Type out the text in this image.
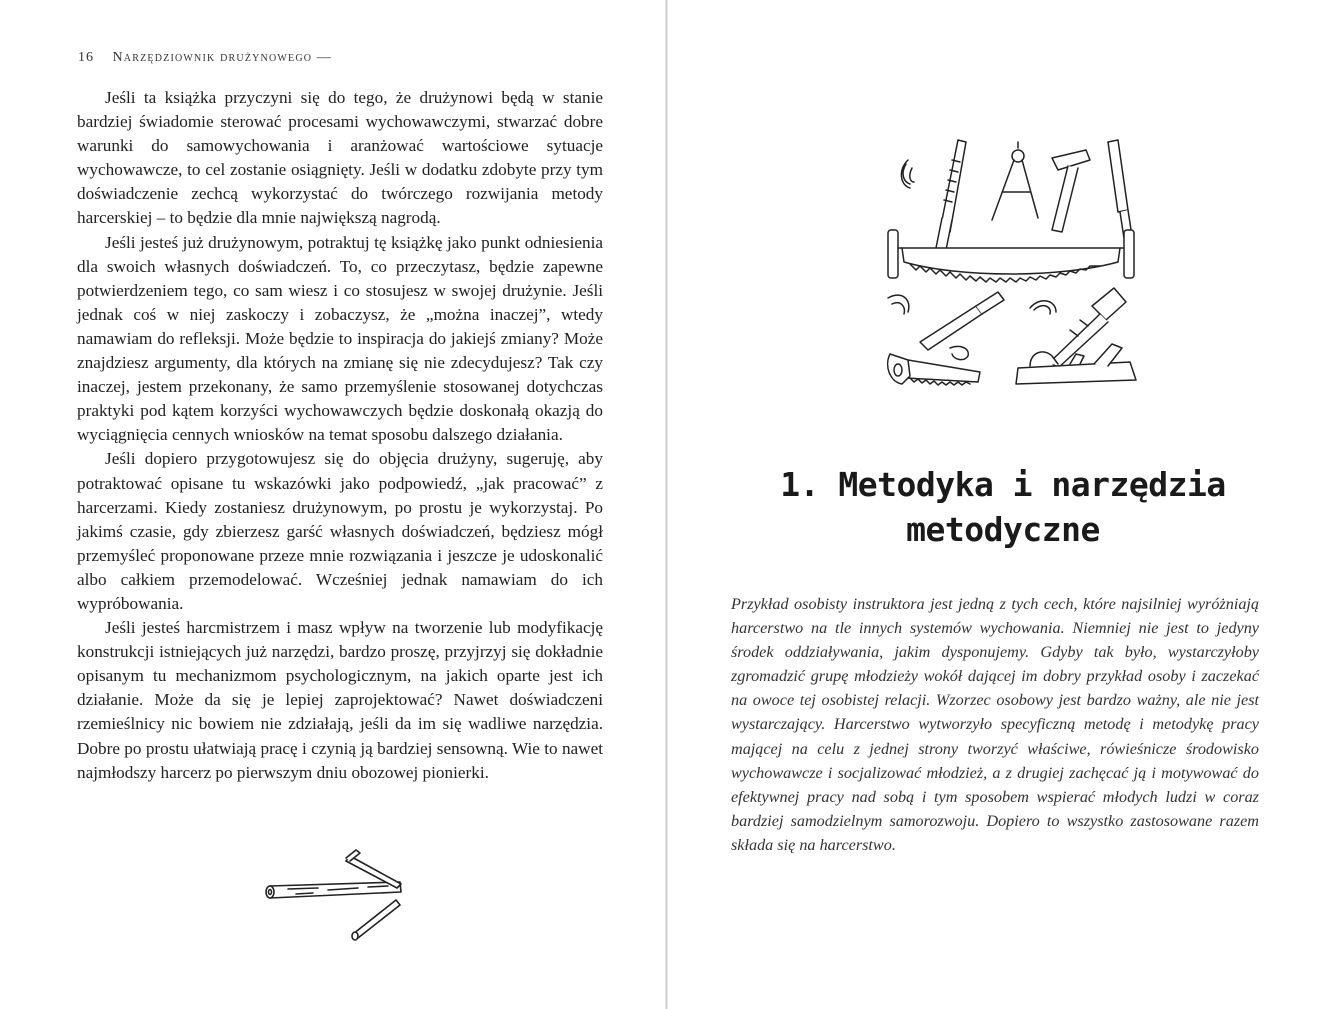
16 Narzędziownik drużynowego —

Jeśli ta książka przyczyni się do tego, że drużynowi będą w stanie bardziej świadomie sterować procesami wychowawczymi, stwarzać dobre warunki do samowychowania i aranżować wartościowe sytuacje wychowawcze, to cel zostanie osiągnięty. Jeśli w dodatku zdobyte przy tym doświadczenie zechcą wykorzystać do twórczego rozwijania metody harcerskiej – to będzie dla mnie największą nagrodą.

Jeśli jesteś już drużynowym, potraktuj tę książkę jako punkt odniesienia dla swoich własnych doświadczeń. To, co przeczytasz, będzie zapewne potwierdzeniem tego, co sam wiesz i co stosujesz w swojej drużynie. Jeśli jednak coś w niej zaskoczy i zobaczysz, że „można inaczej”, wtedy namawiam do refleksji. Może będzie to inspiracja do jakiejś zmiany? Może znajdziesz argumenty, dla których na zmianę się nie zdecydujesz? Tak czy inaczej, jestem przekonany, że samo przemyślenie stosowanej dotychczas praktyki pod kątem korzyści wychowawczych będzie doskonałą okazją do wyciągnięcia cennych wniosków na temat sposobu dalszego działania.

Jeśli dopiero przygotowujesz się do objęcia drużyny, sugeruję, aby potraktować opisane tu wskazówki jako podpowiedź, „jak pracować” z harcerzami. Kiedy zostaniesz drużynowym, po prostu je wykorzystaj. Po jakimś czasie, gdy zbierzesz garść własnych doświadczeń, będziesz mógł przemyśleć proponowane przeze mnie rozwiązania i jeszcze je udoskonalić albo całkiem przemodelować. Wcześniej jednak namawiam do ich wypróbowania.

Jeśli jesteś harcmistrzem i masz wpływ na tworzenie lub modyfikację konstrukcji istniejących już narzędzi, bardzo proszę, przyjrzyj się dokładnie opisanym tu mechanizmom psychologicznym, na jakich oparte jest ich działanie. Może da się je lepiej zaprojektować? Nawet doświadczeni rzemieślnicy nic bowiem nie zdziałają, jeśli da im się wadliwe narzędzia. Dobre po prostu ułatwiają pracę i czynią ją bardziej sensowną. Wie to nawet najmłodszy harcerz po pierwszym dniu obozowej pionierki.

1. Metodyka i narzędzia
metodyczne

Przykład osobisty instruktora jest jedną z tych cech, które najsilniej wyróżniają harcerstwo na tle innych systemów wychowania. Niemniej nie jest to jedyny środek oddziaływania, jakim dysponujemy. Gdyby tak było, wystarczyłoby zgromadzić grupę młodzieży wokół dającej im dobry przykład osoby i zaczekać na owoce tej osobistej relacji. Wzorzec osobowy jest bardzo ważny, ale nie jest wystarczający. Harcerstwo wytworzyło specyficzną metodę i metodykę pracy mającej na celu z jednej strony tworzyć właściwe, rówieśnicze środowisko wychowawcze i socjalizować młodzież, a z drugiej zachęcać ją i motywować do efektywnej pracy nad sobą i tym sposobem wspierać młodych ludzi w coraz bardziej samodzielnym samorozwoju. Dopiero to wszystko zastosowane razem składa się na harcerstwo.
